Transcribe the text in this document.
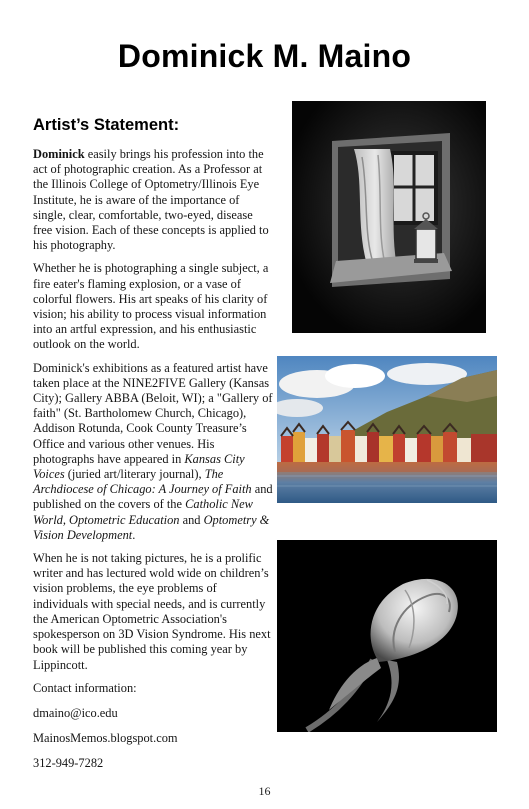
Dominick M. Maino
Artist’s Statement:

Dominick easily brings his profession into the act of photographic creation. As a Professor at the Illinois College of Optometry/Illinois Eye Institute, he is aware of the importance of single, clear, comfortable, two-eyed, disease free vision. Each of these concepts is applied to his photography.

Whether he is photographing a single subject, a fire eater's flaming explosion, or a vase of colorful flowers. His art speaks of his clarity of vision; his ability to process visual information into an artful expression, and his enthusiastic outlook on the world.

Dominick's exhibitions as a featured artist have taken place at the NINE2FIVE Gallery (Kansas City); Gallery ABBA (Beloit, WI); a "Gallery of faith" (St. Bartholomew Church, Chicago), Addison Rotunda, Cook County Treasure’s Office and various other venues. His photographs have appeared in Kansas City Voices (juried art/literary journal), The Archdiocese of Chicago: A Journey of Faith and published on the covers of the Catholic New World, Optometric Education and Optometry & Vision Development.

When he is not taking pictures, he is a prolific writer and has lectured wold wide on children’s vision problems, the eye problems of individuals with special needs, and is currently the American Optometric Association's spokesperson on 3D Vision Syndrome. His next book will be published this coming year by Lippincott.

Contact information:

dmaino@ico.edu

MainosMemos.blogspot.com

312-949-7282

16
